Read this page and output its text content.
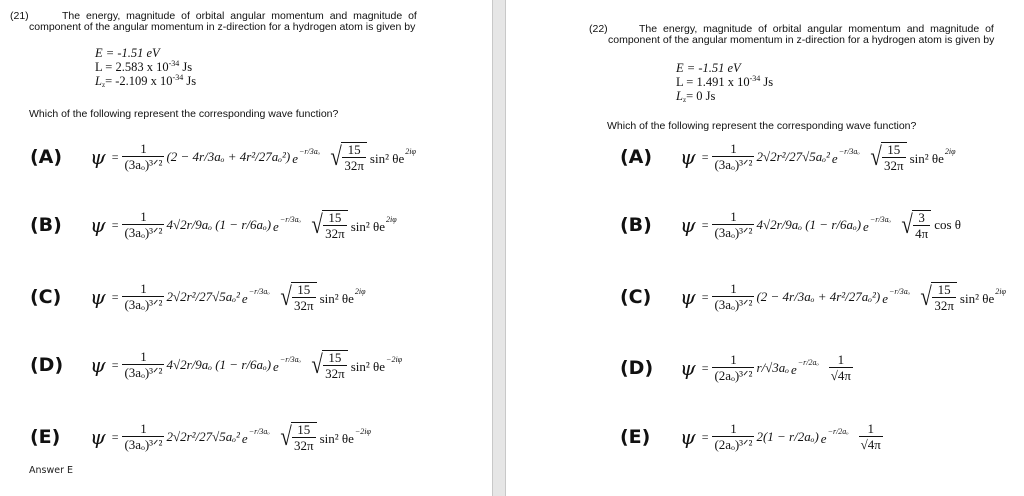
(21)	The energy, magnitude of orbital angular momentum and magnitude of
component of the angular momentum in z-direction for a hydrogen atom is given by
E = -1.51 eV
L = 2.583 x $10^{-34}$ Js
$L_z= -2.109$ x $10^{-34}$ Js
Which of the following represent the corresponding wave function?
(A)	$\psi = \frac{1}{\text{(3aₒ)³ᐟ²}} (2 - 4r/3a_o + 4r^2/27a_o^2)$ $e^{-r/3a_o}$ √ $\frac{15}{32\pi} \sin^2$ $\theta e^{2i\varphi}$
(B)	$\psi = \frac{1}{\text{(3aₒ)³ᐟ²}} 4√2r/9a_o$ (1 − r/6aₒ) $e^{-r/3a_o}$ √ $\frac{15}{32\pi} \sin^2$ $\theta e^{2i\varphi}$
(C)	$\psi = \frac{1}{\text{(3aₒ)³ᐟ²}} 2√2r^2/27√5a_o^2$ $e^{-r/3a_o}$ √ $\frac{15}{32\pi} \sin^2$ $\theta e^{2i\varphi}$
(D)	$\psi = \frac{1}{\text{(3aₒ)³ᐟ²}} 4√2r/9a_o$ (1 − r/6aₒ) $e^{-r/3a_o}$ √ $\frac{15}{32\pi} \sin^2$ $\theta e^{-2i\varphi}$
(E)	$\psi = \frac{1}{\text{(3aₒ)³ᐟ²}} 2√2r^2/27√5a_o^2$ $e^{-r/3a_o}$ √ $\frac{15}{32\pi} \sin^2$ $\theta e^{-2i\varphi}$
Answer E
(22)	The energy, magnitude of orbital angular momentum and magnitude of
component of the angular momentum in z-direction for a hydrogen atom is given by
E = -1.51 eV
L = 1.491 x $10^{-34}$ Js
$L_z= 0$ Js
Which of the following represent the corresponding wave function?
(A)	$\psi = \frac{1}{\text{(3aₒ)³ᐟ²}} 2√2r^2/27√5a_o^2$ $e^{-r/3a_o}$ √ $\frac{15}{32\pi} \sin^2$ $\theta e^{2i\varphi}$
(B)	$\psi = \frac{1}{\text{(3aₒ)³ᐟ²}} 4√2r/9a_o$ (1 − r/6aₒ) $e^{-r/3a_o}$ √ $\frac{3}{4\pi}$ cos θ
(C)	$\psi = \frac{1}{\text{(3aₒ)³ᐟ²}} (2 - 4r/3a_o + 4r^2/27a_o^2)$ $e^{-r/3a_o}$ √ $\frac{15}{32\pi} \sin^2$ $\theta e^{2i\varphi}$
(D)	$\psi = \frac{1}{\text{(2aₒ)³ᐟ²}} r/√3a_o$ $e^{-r/2a_o} \frac{1}{√4\pi}$
(E)	$\psi = \frac{1}{\text{(2aₒ)³ᐟ²}} 2(1 - r/2a_o)$ $e^{-r/2a_o} \frac{1}{√4\pi}$
